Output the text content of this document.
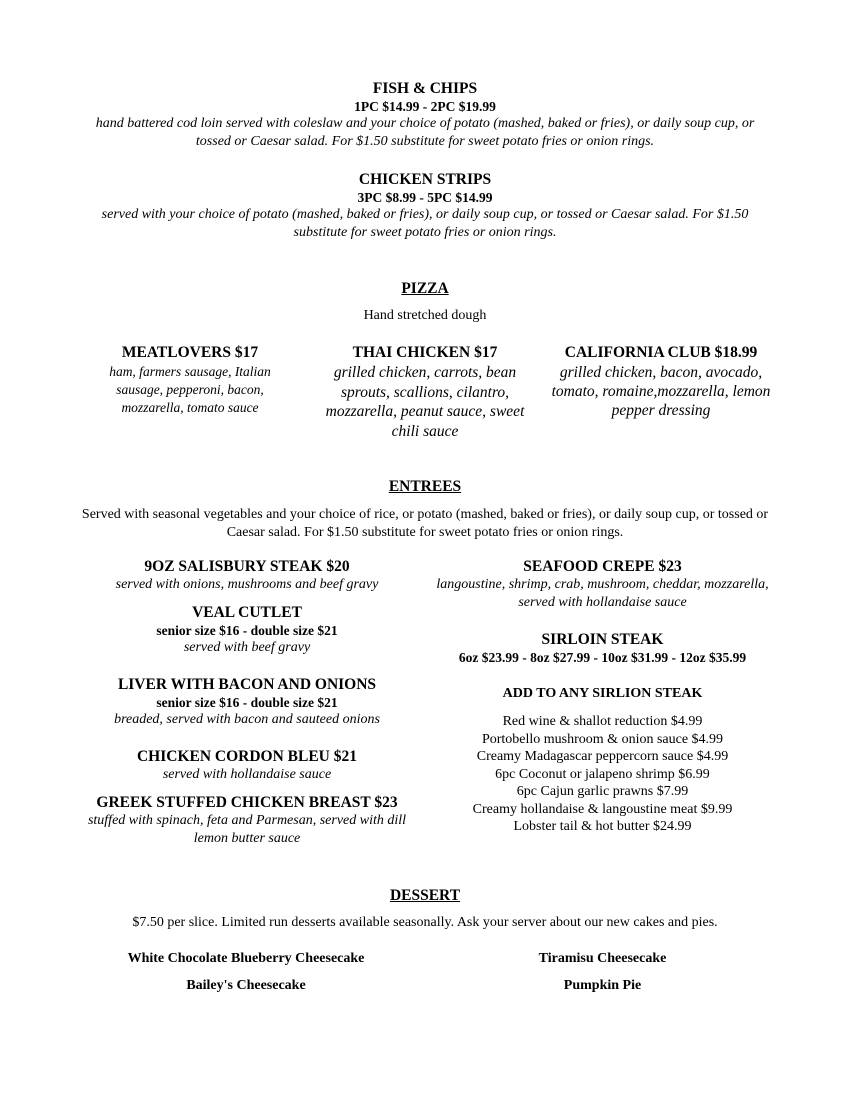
FISH & CHIPS
1PC $14.99 - 2PC $19.99
hand battered cod loin served with coleslaw and your choice of potato (mashed, baked or fries), or daily soup cup, or tossed or Caesar salad. For $1.50 substitute for sweet potato fries or onion rings.
CHICKEN STRIPS
3PC $8.99 - 5PC $14.99
served with your choice of potato (mashed, baked or fries), or daily soup cup, or tossed or Caesar salad. For $1.50 substitute for sweet potato fries or onion rings.
PIZZA
Hand stretched dough
MEATLOVERS $17
ham, farmers sausage, Italian sausage, pepperoni, bacon, mozzarella, tomato sauce
THAI CHICKEN $17
grilled chicken, carrots, bean sprouts, scallions, cilantro, mozzarella, peanut sauce, sweet chili sauce
CALIFORNIA CLUB $18.99
grilled chicken, bacon, avocado, tomato, romaine,mozzarella, lemon pepper dressing
ENTREES
Served with seasonal vegetables and your choice of rice, or potato (mashed, baked or fries), or daily soup cup, or tossed or Caesar salad. For $1.50 substitute for sweet potato fries or onion rings.
9OZ SALISBURY STEAK $20
served with onions, mushrooms and beef gravy
VEAL CUTLET
senior size $16 - double size $21
served with beef gravy
LIVER WITH BACON AND ONIONS
senior size $16 - double size $21
breaded, served with bacon and sauteed onions
CHICKEN CORDON BLEU $21
served with hollandaise sauce
GREEK STUFFED CHICKEN BREAST $23
stuffed with spinach, feta and Parmesan, served with dill lemon butter sauce
SEAFOOD CREPE $23
langoustine, shrimp, crab, mushroom, cheddar, mozzarella, served with hollandaise sauce
SIRLOIN STEAK
6oz $23.99 - 8oz $27.99 - 10oz $31.99 - 12oz $35.99
ADD TO ANY SIRLION STEAK
Red wine & shallot reduction $4.99
Portobello mushroom & onion sauce $4.99
Creamy Madagascar peppercorn sauce $4.99
6pc Coconut or jalapeno shrimp $6.99
6pc Cajun garlic prawns $7.99
Creamy hollandaise & langoustine meat $9.99
Lobster tail & hot butter $24.99
DESSERT
$7.50 per slice. Limited run desserts available seasonally. Ask your server about our new cakes and pies.
White Chocolate Blueberry Cheesecake	Tiramisu Cheesecake
Bailey's Cheesecake	Pumpkin Pie
